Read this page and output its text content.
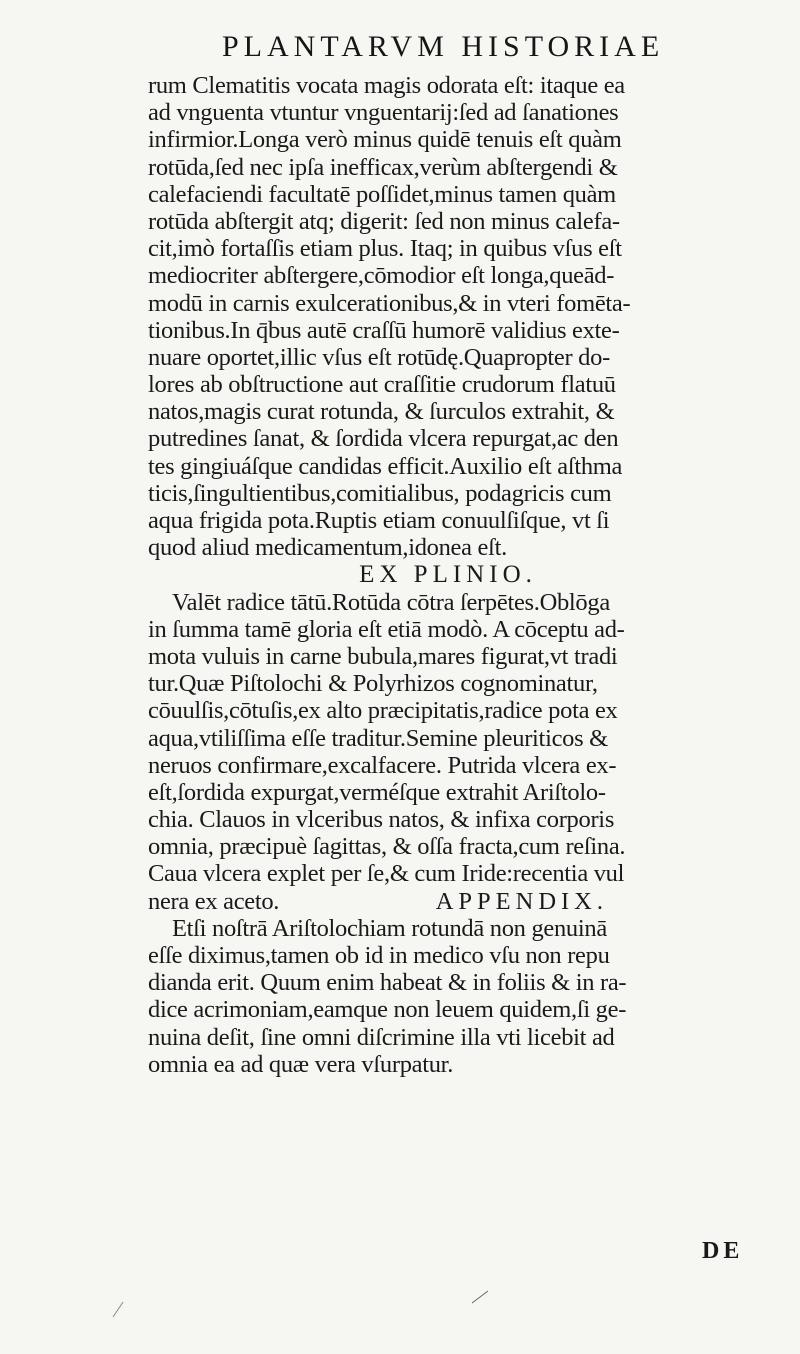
PLANTARVM HISTORIAE
rum Clematitis vocata magis odorata eſt: itaque ea
ad vnguenta vtuntur vnguentarij:ſed ad ſanationes
infirmior.Longa verò minus quidē tenuis eſt quàm
rotūda,ſed nec ipſa inefficax,verùm abſtergendi &
calefaciendi facultatē poſſidet,minus tamen quàm
rotūda abſtergit atq; digerit: ſed non minus calefa-
cit,imò fortaſſis etiam plus. Itaq; in quibus vſus eſt
mediocriter abſtergere,cōmodior eſt longa,queād-
modū in carnis exulcerationibus,& in vteri fomēta-
tionibus.In q̄bus autē craſſū humorē validius exte-
nuare oportet,illic vſus eſt rotūdę.Quapropter do-
lores ab obſtructione aut craſſitie crudorum flatuū
natos,magis curat rotunda, & ſurculos extrahit, &
putredines ſanat, & ſordida vlcera repurgat,ac den
tes gingiuáſque candidas efficit.Auxilio eſt aſthma
ticis,ſingultientibus,comitialibus, podagricis cum
aqua frigida pota.Ruptis etiam conuulſiſque, vt ſi
quod aliud medicamentum,idonea eſt.
EX PLINIO.
Valēt radice tātū.Rotūda cōtra ſerpētes.Oblōga
in ſumma tamē gloria eſt etiā modò. A cōceptu ad-
mota vuluis in carne bubula,mares figurat,vt tradi
tur.Quæ Piſtolochi & Polyrhizos cognominatur,
cōuulſis,cōtuſis,ex alto præcipitatis,radice pota ex
aqua,vtiliſſima eſſe traditur.Semine pleuriticos &
neruos confirmare,excalfacere. Putrida vlcera ex-
eſt,ſordida expurgat,verméſque extrahit Ariſtolo-
chia. Clauos in vlceribus natos, & infixa corporis
omnia, præcipuè ſagittas, & oſſa fracta,cum reſina.
Caua vlcera explet per ſe,& cum Iride:recentia vul
nera ex aceto.	APPENDIX.
Etſi noſtrā Ariſtolochiam rotundā non genuinā
eſſe diximus,tamen ob id in medico vſu non repu
dianda erit. Quum enim habeat & in foliis & in ra-
dice acrimoniam,eamque non leuem quidem,ſi ge-
nuina deſit, ſine omni diſcrimine illa vti licebit ad
omnia ea ad quæ vera vſurpatur.
DE
